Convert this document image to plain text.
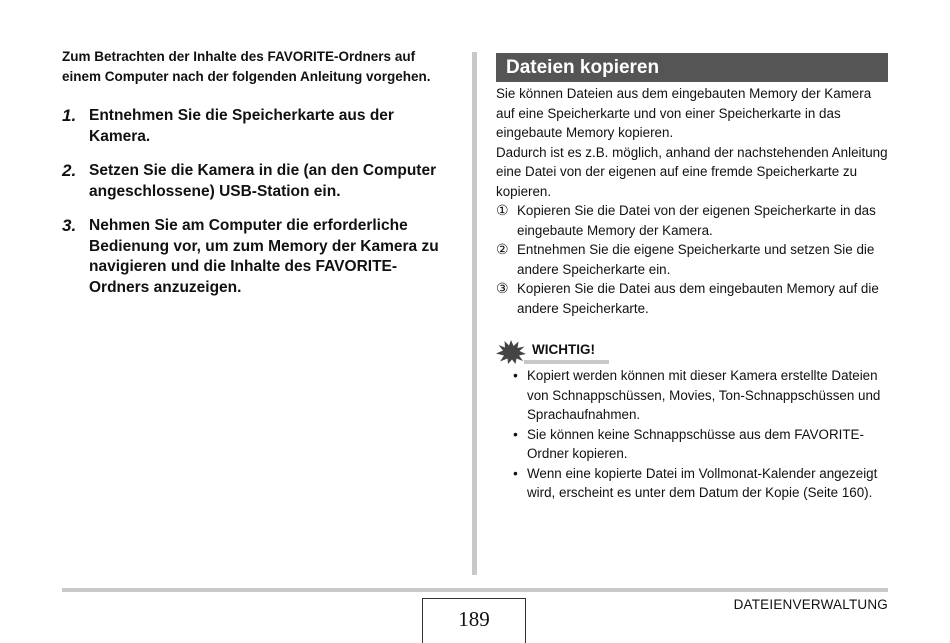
Zum Betrachten der Inhalte des FAVORITE-Ordners auf einem Computer nach der folgenden Anleitung vorgehen.

1. Entnehmen Sie die Speicherkarte aus der Kamera.

2. Setzen Sie die Kamera in die (an den Computer angeschlossene) USB-Station ein.

3. Nehmen Sie am Computer die erforderliche Bedienung vor, um zum Memory der Kamera zu navigieren und die Inhalte des FAVORITE-Ordners anzuzeigen.

Dateien kopieren

Sie können Dateien aus dem eingebauten Memory der Kamera auf eine Speicherkarte und von einer Speicherkarte in das eingebaute Memory kopieren.

Dadurch ist es z.B. möglich, anhand der nachstehenden Anleitung eine Datei von der eigenen auf eine fremde Speicherkarte zu kopieren.

① Kopieren Sie die Datei von der eigenen Speicherkarte in das eingebaute Memory der Kamera.
② Entnehmen Sie die eigene Speicherkarte und setzen Sie die andere Speicherkarte ein.
③ Kopieren Sie die Datei aus dem eingebauten Memory auf die andere Speicherkarte.
WICHTIG!
• Kopiert werden können mit dieser Kamera erstellte Dateien von Schnappschüssen, Movies, Ton-Schnappschüssen und Sprachaufnahmen.
• Sie können keine Schnappschüsse aus dem FAVORITE-Ordner kopieren.
• Wenn eine kopierte Datei im Vollmonat-Kalender angezeigt wird, erscheint es unter dem Datum der Kopie (Seite 160).
189
DATEIENVERWALTUNG
